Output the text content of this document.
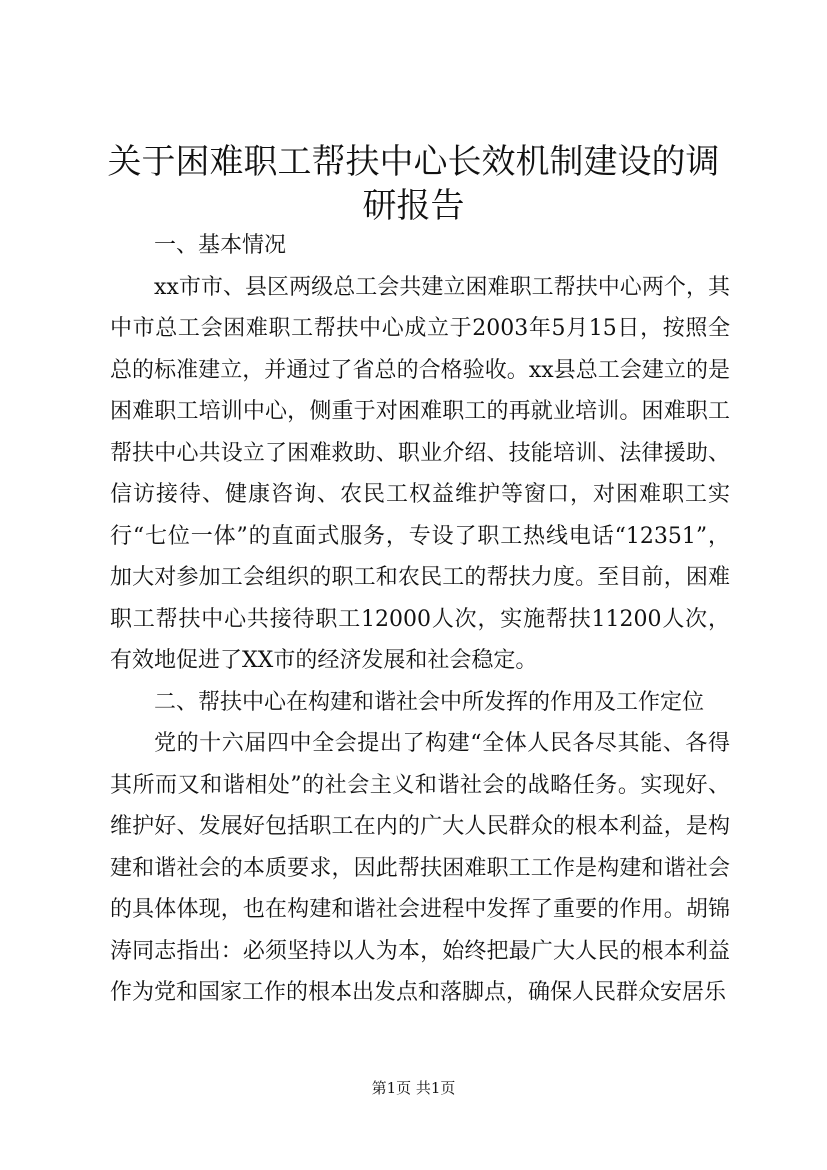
关于困难职工帮扶中心长效机制建设的调研报告

一、基本情况

xx市市、县区两级总工会共建立困难职工帮扶中心两个，其中市总工会困难职工帮扶中心成立于2003年5月15日，按照全总的标准建立，并通过了省总的合格验收。xx县总工会建立的是困难职工培训中心，侧重于对困难职工的再就业培训。困难职工帮扶中心共设立了困难救助、职业介绍、技能培训、法律援助、信访接待、健康咨询、农民工权益维护等窗口，对困难职工实行“七位一体”的直面式服务，专设了职工热线电话“12351”，加大对参加工会组织的职工和农民工的帮扶力度。至目前，困难职工帮扶中心共接待职工12000人次，实施帮扶11200人次，有效地促进了XX市的经济发展和社会稳定。

二、帮扶中心在构建和谐社会中所发挥的作用及工作定位

党的十六届四中全会提出了构建“全体人民各尽其能、各得其所而又和谐相处”的社会主义和谐社会的战略任务。实现好、维护好、发展好包括职工在内的广大人民群众的根本利益，是构建和谐社会的本质要求，因此帮扶困难职工工作是构建和谐社会的具体体现，也在构建和谐社会进程中发挥了重要的作用。胡锦涛同志指出：必须坚持以人为本，始终把最广大人民的根本利益作为党和国家工作的根本出发点和落脚点，确保人民群众安居乐

第1页 共1页
